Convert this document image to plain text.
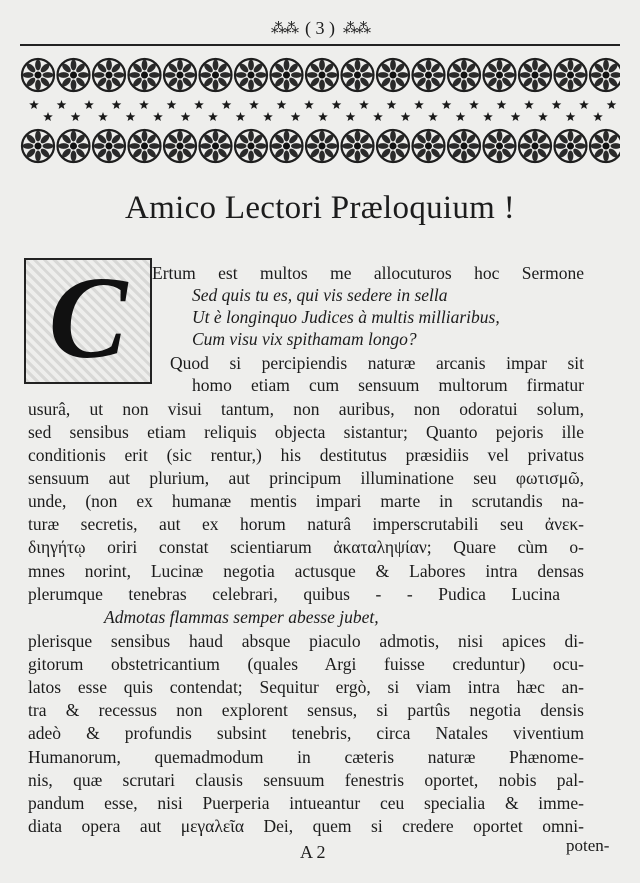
⁂⁂ ( 3 ) ⁂⁂
Amico Lectori Præloquium !
C	Ertum est multos me allocuturos hoc Sermone
Sed quis tu es, qui vis sedere in sella
Ut è longinquo Judices à multis milliaribus,
Cum visu vix spithamam longo?
Quod si percipiendis naturæ arcanis impar sit
homo etiam cum sensuum multorum firmatur
usurâ, ut non visui tantum, non auribus, non odoratui solum,
sed sensibus etiam reliquis objecta sistantur; Quanto pejoris ille
conditionis erit (sic rentur,) his destitutus præsidiis vel privatus
sensuum aut plurium, aut principum illuminatione seu φωτισμῶ,
unde, (non ex humanæ mentis impari marte in scrutandis na-
turæ secretis, aut ex horum naturâ imperscrutabili seu ἀνεκ-
διηγήτῳ oriri constat scientiarum ἀκαταληψίαν; Quare cùm o-
mnes norint, Lucinæ negotia actusque & Labores intra densas
plerumque tenebras celebrari, quibus - - Pudica Lucina
Admotas flammas semper abesse jubet,
plerisque sensibus haud absque piaculo admotis, nisi apices di-
gitorum obstetricantium (quales Argi fuisse creduntur) ocu-
latos esse quis contendat; Sequitur ergò, si viam intra hæc an-
tra & recessus non explorent sensus, si partûs negotia densis
adeò & profundis subsint tenebris, circa Natales viventium
Humanorum, quemadmodum in cæteris naturæ Phænome-
nis, quæ scrutari clausis sensuum fenestris oportet, nobis pal-
pandum esse, nisi Puerperia intueantur ceu specialia & imme-
diata opera aut μεγαλεῖα Dei, quem si credere oportet omni-
A 2	poten-
